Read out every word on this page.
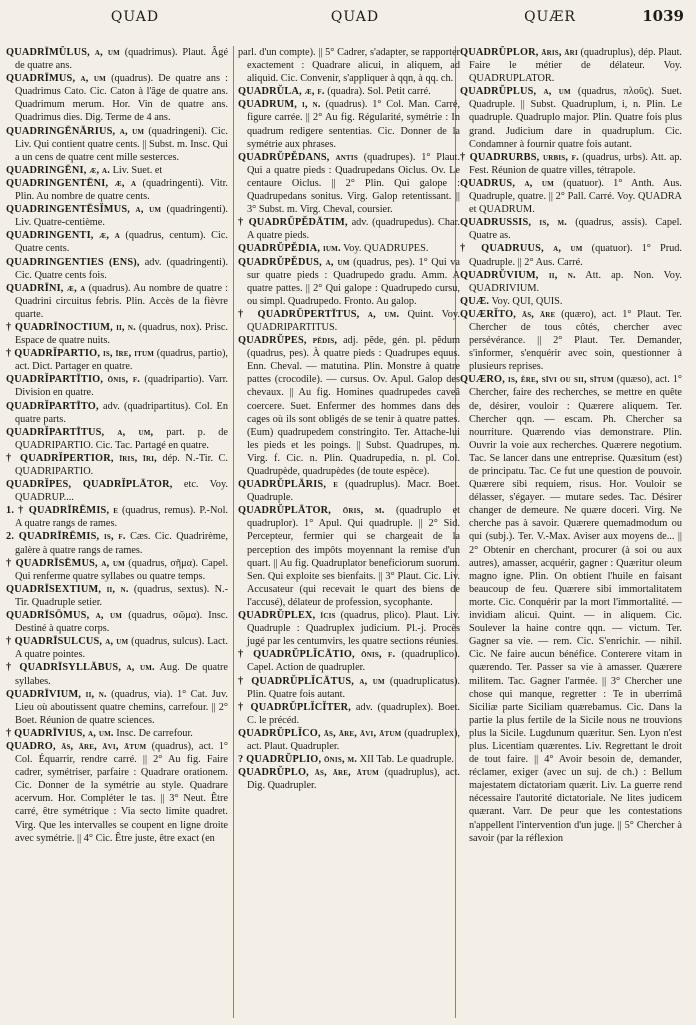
QUAD	QUAD	QUÆR	1039

QUADRĪMŬLUS, a, um (quadrimus). Plaut. Âgé de quatre ans.

QUADRĪMUS, a, um (quadrus). De quatre ans : Quadrimus Cato. Cic. Caton à l'âge de quatre ans. Quadrimum merum. Hor. Vin de quatre ans. Quadrimus dies. Dig. Terme de 4 ans.

QUADRINGĒNĀRIUS, a, um (quadringeni). Cic. Liv. Qui contient quatre cents. || Subst. m. Insc. Qui a un cens de quatre cent mille sesterces.

QUADRINGĒNI, æ, a. Liv. Suet. et

QUADRINGENTĒNI, æ, a (quadringenti). Vitr. Plin. Au nombre de quatre cents.

QUADRINGENTĒSĬMUS, a, um (quadringenti). Liv. Quatre-centième.

QUADRINGENTI, æ, a (quadrus, centum). Cic. Quatre cents.

QUADRINGENTIES (ENS), adv. (quadringenti). Cic. Quatre cents fois.

QUADRĪNI, æ, a (quadrus). Au nombre de quatre : Quadrini circuitus febris. Plin. Accès de la fièvre quarte.

† QUADRĪNOCTIUM, ii, n. (quadrus, nox). Prisc. Espace de quatre nuits.

† QUADRĬPARTIO, is, īre, itum (quadrus, partio), act. Dict. Partager en quatre.

QUADRĬPARTĪTIO, ōnis, f. (quadripartio). Varr. Division en quatre.

QUADRĬPARTĪTO, adv. (quadripartitus). Col. En quatre parts.

QUADRĬPARTĪTUS, a, um, part. p. de QUADRIPARTIO. Cic. Tac. Partagé en quatre.

† QUADRĬPERTIOR, īris, īri, dép. N.-Tir. C. QUADRIPARTIO.

QUADRĬPES, QUADRĬPLĀTOR, etc. Voy. QUADRUP....

1. † QUADRĪRĒMIS, e (quadrus, remus). P.-Nol. A quatre rangs de rames.

2. QUADRĪRĒMIS, is, f. Cæs. Cic. Quadrirème, galère à quatre rangs de rames.

† QUADRĪSĒMUS, a, um (quadrus, σῆμα). Capel. Qui renferme quatre syllabes ou quatre temps.

QUADRĪSEXTIUM, ii, n. (quadrus, sextus). N.-Tir. Quadruple setier.

QUADRĪSŌMUS, a, um (quadrus, σῶμα). Insc. Destiné à quatre corps.

† QUADRĪSULCUS, a, um (quadrus, sulcus). Lact. A quatre pointes.

† QUADRĪSYLLĀBUS, a, um. Aug. De quatre syllabes.

QUADRĪVIUM, ii, n. (quadrus, via). 1° Cat. Juv. Lieu où aboutissent quatre chemins, carrefour. || 2° Boet. Réunion de quatre sciences.

† QUADRĪVIUS, a, um. Insc. De carrefour.

QUADRO, ās, āre, āvi, ātum (quadrus), act. 1° Col. Équarrir, rendre carré. || 2° Au fig. Faire cadrer, symétriser, parfaire : Quadrare orationem. Cic. Donner de la symétrie au style. Quadrare acervum. Hor. Compléter le tas. || 3° Neut. Être carré, être symétrique : Via secto limite quadret. Virg. Que les intervalles se coupent en ligne droite avec symétrie. || 4° Cic. Être juste, être exact (en

parl. d'un compte). || 5° Cadrer, s'adapter, se rapporter exactement : Quadrare alicui, in aliquem, ad aliquid. Cic. Convenir, s'appliquer à qqn, à qq. ch.

QUADRŬLA, æ, f. (quadra). Sol. Petit carré.

QUADRUM, i, n. (quadrus). 1° Col. Man. Carré, figure carrée. || 2° Au fig. Régularité, symétrie : In quadrum redigere sententias. Cic. Donner de la symétrie aux phrases.

QUADRŬPĔDANS, antis (quadrupes). 1° Plaut. Qui a quatre pieds : Quadrupedans Oiclus. Ov. Le centaure Oiclus. || 2° Plin. Qui galope : Quadrupedans sonitus. Virg. Galop retentissant. || 3° Subst. m. Virg. Cheval, coursier.

† QUADRŬPĔDĀTIM, adv. (quadrupedus). Char. A quatre pieds.

QUADRŬPĔDIA, ium. Voy. QUADRUPES.

QUADRŬPĔDUS, a, um (quadrus, pes). 1° Qui va sur quatre pieds : Quadrupedo gradu. Amm. A quatre pattes. || 2° Qui galope : Quadrupedo cursu, ou simpl. Quadrupedo. Fronto. Au galop.

† QUADRŬPERTĪTUS, a, um. Quint. Voy. QUADRIPARTITUS.

QUADRŬPES, pĕdis, adj. pĕde, gén. pl. pĕdum (quadrus, pes). À quatre pieds : Quadrupes equus. Enn. Cheval. — matutina. Plin. Monstre à quatre pattes (crocodile). — cursus. Ov. Apul. Galop des chevaux. || Au fig. Homines quadrupedes caveâ coercere. Suet. Enfermer des hommes dans des cages où ils sont obligés de se tenir à quatre pattes. (Eum) quadrupedem constringito. Ter. Attache-lui les pieds et les poings. || Subst. Quadrupes, m. Virg. f. Cic. n. Plin. Quadrupedia, n. pl. Col. Quadrupède, quadrupèdes (de toute espèce).

QUADRŬPLĀRIS, e (quadruplus). Macr. Boet. Quadruple.

QUADRŬPLĀTOR, ōris, m. (quadruplo et quadruplor). 1° Apul. Qui quadruple. || 2° Sid. Percepteur, fermier qui se chargeait de la perception des impôts moyennant la remise d'un quart. || Au fig. Quadruplator beneficiorum suorum. Sen. Qui exploite ses bienfaits. || 3° Plaut. Cic. Liv. Accusateur (qui recevait le quart des biens de l'accusé), délateur de profession, sycophante.

QUADRŬPLEX, ĭcis (quadrus, plico). Plaut. Liv. Quadruple : Quadruplex judicium. Pl.-j. Procès jugé par les centumvirs, les quatre sections réunies.

† QUADRŬPLĬCĀTIO, ōnis, f. (quadruplico). Capel. Action de quadrupler.

† QUADRŬPLĬCĀTUS, a, um (quadruplicatus). Plin. Quatre fois autant.

† QUADRŬPLĬCĬTER, adv. (quadruplex). Boet. C. le précéd.

QUADRŬPLĬCO, ās, āre, āvi, ātum (quadruplex), act. Plaut. Quadrupler.

? QUADRŬPLIO, ōnis, m. XII Tab. Le quadruple.

QUADRŬPLO, ās, āre, ātum (quadruplus), act. Dig. Quadrupler.

QUADRŬPLOR, āris, āri (quadruplus), dép. Plaut. Faire le métier de délateur. Voy. QUADRUPLATOR.

QUADRŬPLUS, a, um (quadrus, πλοῦς). Suet. Quadruple. || Subst. Quadruplum, i, n. Plin. Le quadruple. Quadruplo major. Plin. Quatre fois plus grand. Judicium dare in quadruplum. Cic. Condamner à fournir quatre fois autant.

† QUADRURBS, urbis, f. (quadrus, urbs). Att. ap. Fest. Réunion de quatre villes, tétrapole.

QUADRUS, a, um (quatuor). 1° Anth. Aus. Quadruple, quatre. || 2° Pall. Carré. Voy. QUADRA et QUADRUM.

QUADRUSSIS, is, m. (quadrus, assis). Capel. Quatre as.

† QUADRUUS, a, um (quatuor). 1° Prud. Quadruple. || 2° Aus. Carré.

QUADRŬVIUM, ii, n. Att. ap. Non. Voy. QUADRIVIUM.

QUÆ. Voy. QUI, QUIS.

QUÆRĬTO, ās, āre (quæro), act. 1° Plaut. Ter. Chercher de tous côtés, chercher avec persévérance. || 2° Plaut. Ter. Demander, s'informer, s'enquérir avec soin, questionner à plusieurs reprises.

QUÆRO, is, ĕre, sīvi ou sii, sītum (quæso), act. 1° Chercher, faire des recherches, se mettre en quête de, désirer, vouloir : Quærere aliquem. Ter. Chercher qqn. — escam. Ph. Chercher sa nourriture. Quærendo vias demonstrare. Plin. Ouvrir la voie aux recherches. Quærere negotium. Tac. Se lancer dans une entreprise. Quæsitum (est) de principatu. Tac. Ce fut une question de pouvoir. Quærere sibi requiem, risus. Hor. Vouloir se délasser, s'égayer. — mutare sedes. Tac. Désirer changer de demeure. Ne quære doceri. Virg. Ne cherche pas à savoir. Quærere quemadmodum ou qui (subj.). Ter. V.-Max. Aviser aux moyens de... || 2° Obtenir en cherchant, procurer (à soi ou aux autres), amasser, acquérir, gagner : Quæritur oleum magno igne. Plin. On obtient l'huile en faisant beaucoup de feu. Quærere sibi immortalitatem morte. Cic. Conquérir par la mort l'immortalité. — invidiam alicui. Quint. — in aliquem. Cic. Soulever la haine contre qqn. — victum. Ter. Gagner sa vie. — rem. Cic. S'enrichir. — nihil. Cic. Ne faire aucun bénéfice. Conterere vitam in quærendo. Ter. Passer sa vie à amasser. Quærere militem. Tac. Gagner l'armée. || 3° Chercher une chose qui manque, regretter : Te in uberrimâ Siciliæ parte Siciliam quærebamus. Cic. Dans la partie la plus fertile de la Sicile nous ne trouvions plus la Sicile. Lugdunum quæritur. Sen. Lyon n'est plus. Licentiam quærentes. Liv. Regrettant le droit de tout faire. || 4° Avoir besoin de, demander, réclamer, exiger (avec un suj. de ch.) : Bellum majestatem dictatoriam quærit. Liv. La guerre rend nécessaire l'autorité dictatoriale. Ne lites judicem quærant. Varr. De peur que les contestations n'appellent l'intervention d'un juge. || 5° Chercher à savoir (par la réflexion
